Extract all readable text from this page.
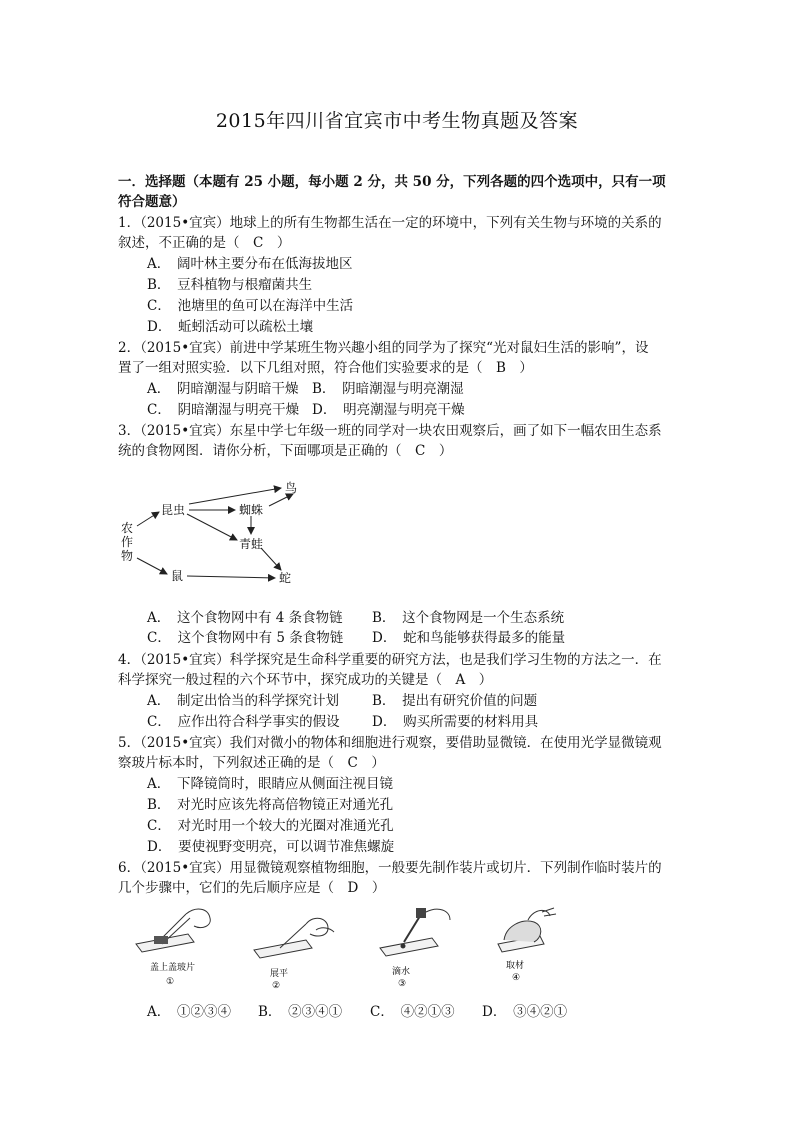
2015年四川省宜宾市中考生物真题及答案
一．选择题（本题有 25 小题，每小题 2 分，共 50 分，下列各题的四个选项中，只有一项
符合题意）
1．（2015•宜宾）地球上的所有生物都生活在一定的环境中，下列有关生物与环境的关系的
叙述，不正确的是（　C　）
A．　阔叶林主要分布在低海拔地区
B．　豆科植物与根瘤菌共生
C．　池塘里的鱼可以在海洋中生活
D．　蚯蚓活动可以疏松土壤
2．（2015•宜宾）前进中学某班生物兴趣小组的同学为了探究“光对鼠妇生活的影响”，设
置了一组对照实验．以下几组对照，符合他们实验要求的是（　B　）
A．　阴暗潮湿与阴暗干燥 B．　阴暗潮湿与明亮潮湿
C．　阴暗潮湿与明亮干燥 D．　明亮潮湿与明亮干燥
3．（2015•宜宾）东星中学七年级一班的同学对一块农田观察后，画了如下一幅农田生态系
统的食物网图．请你分析，下面哪项是正确的（　C　）
农
作
物
昆虫
鸟
蜘蛛
青蛙
鼠	蛇
A．　这个食物网中有 4 条食物链 B．　这个食物网是一个生态系统
C．　这个食物网中有 5 条食物链 D．　蛇和鸟能够获得最多的能量
4．（2015•宜宾）科学探究是生命科学重要的研究方法，也是我们学习生物的方法之一．在
科学探究一般过程的六个环节中，探究成功的关键是（　A　）
A．　制定出恰当的科学探究计划 B．　提出有研究价值的问题
C．　应作出符合科学事实的假设 D．　购买所需要的材料用具
5．（2015•宜宾）我们对微小的物体和细胞进行观察，要借助显微镜．在使用光学显微镜观
察玻片标本时，下列叙述正确的是（　C　）
A．　下降镜筒时，眼睛应从侧面注视目镜
B．　对光时应该先将高倍物镜正对通光孔
C．　对光时用一个较大的光圈对准通光孔
D．　要使视野变明亮，可以调节准焦螺旋
6．（2015•宜宾）用显微镜观察植物细胞，一般要先制作装片或切片．下列制作临时装片的
几个步骤中，它们的先后顺序应是（　D　）
盖上盖玻片
①
展平
②
滴水
③
取材
④
A．　①②③④ B．　②③④① C．　④②①③ D．　③④②①
